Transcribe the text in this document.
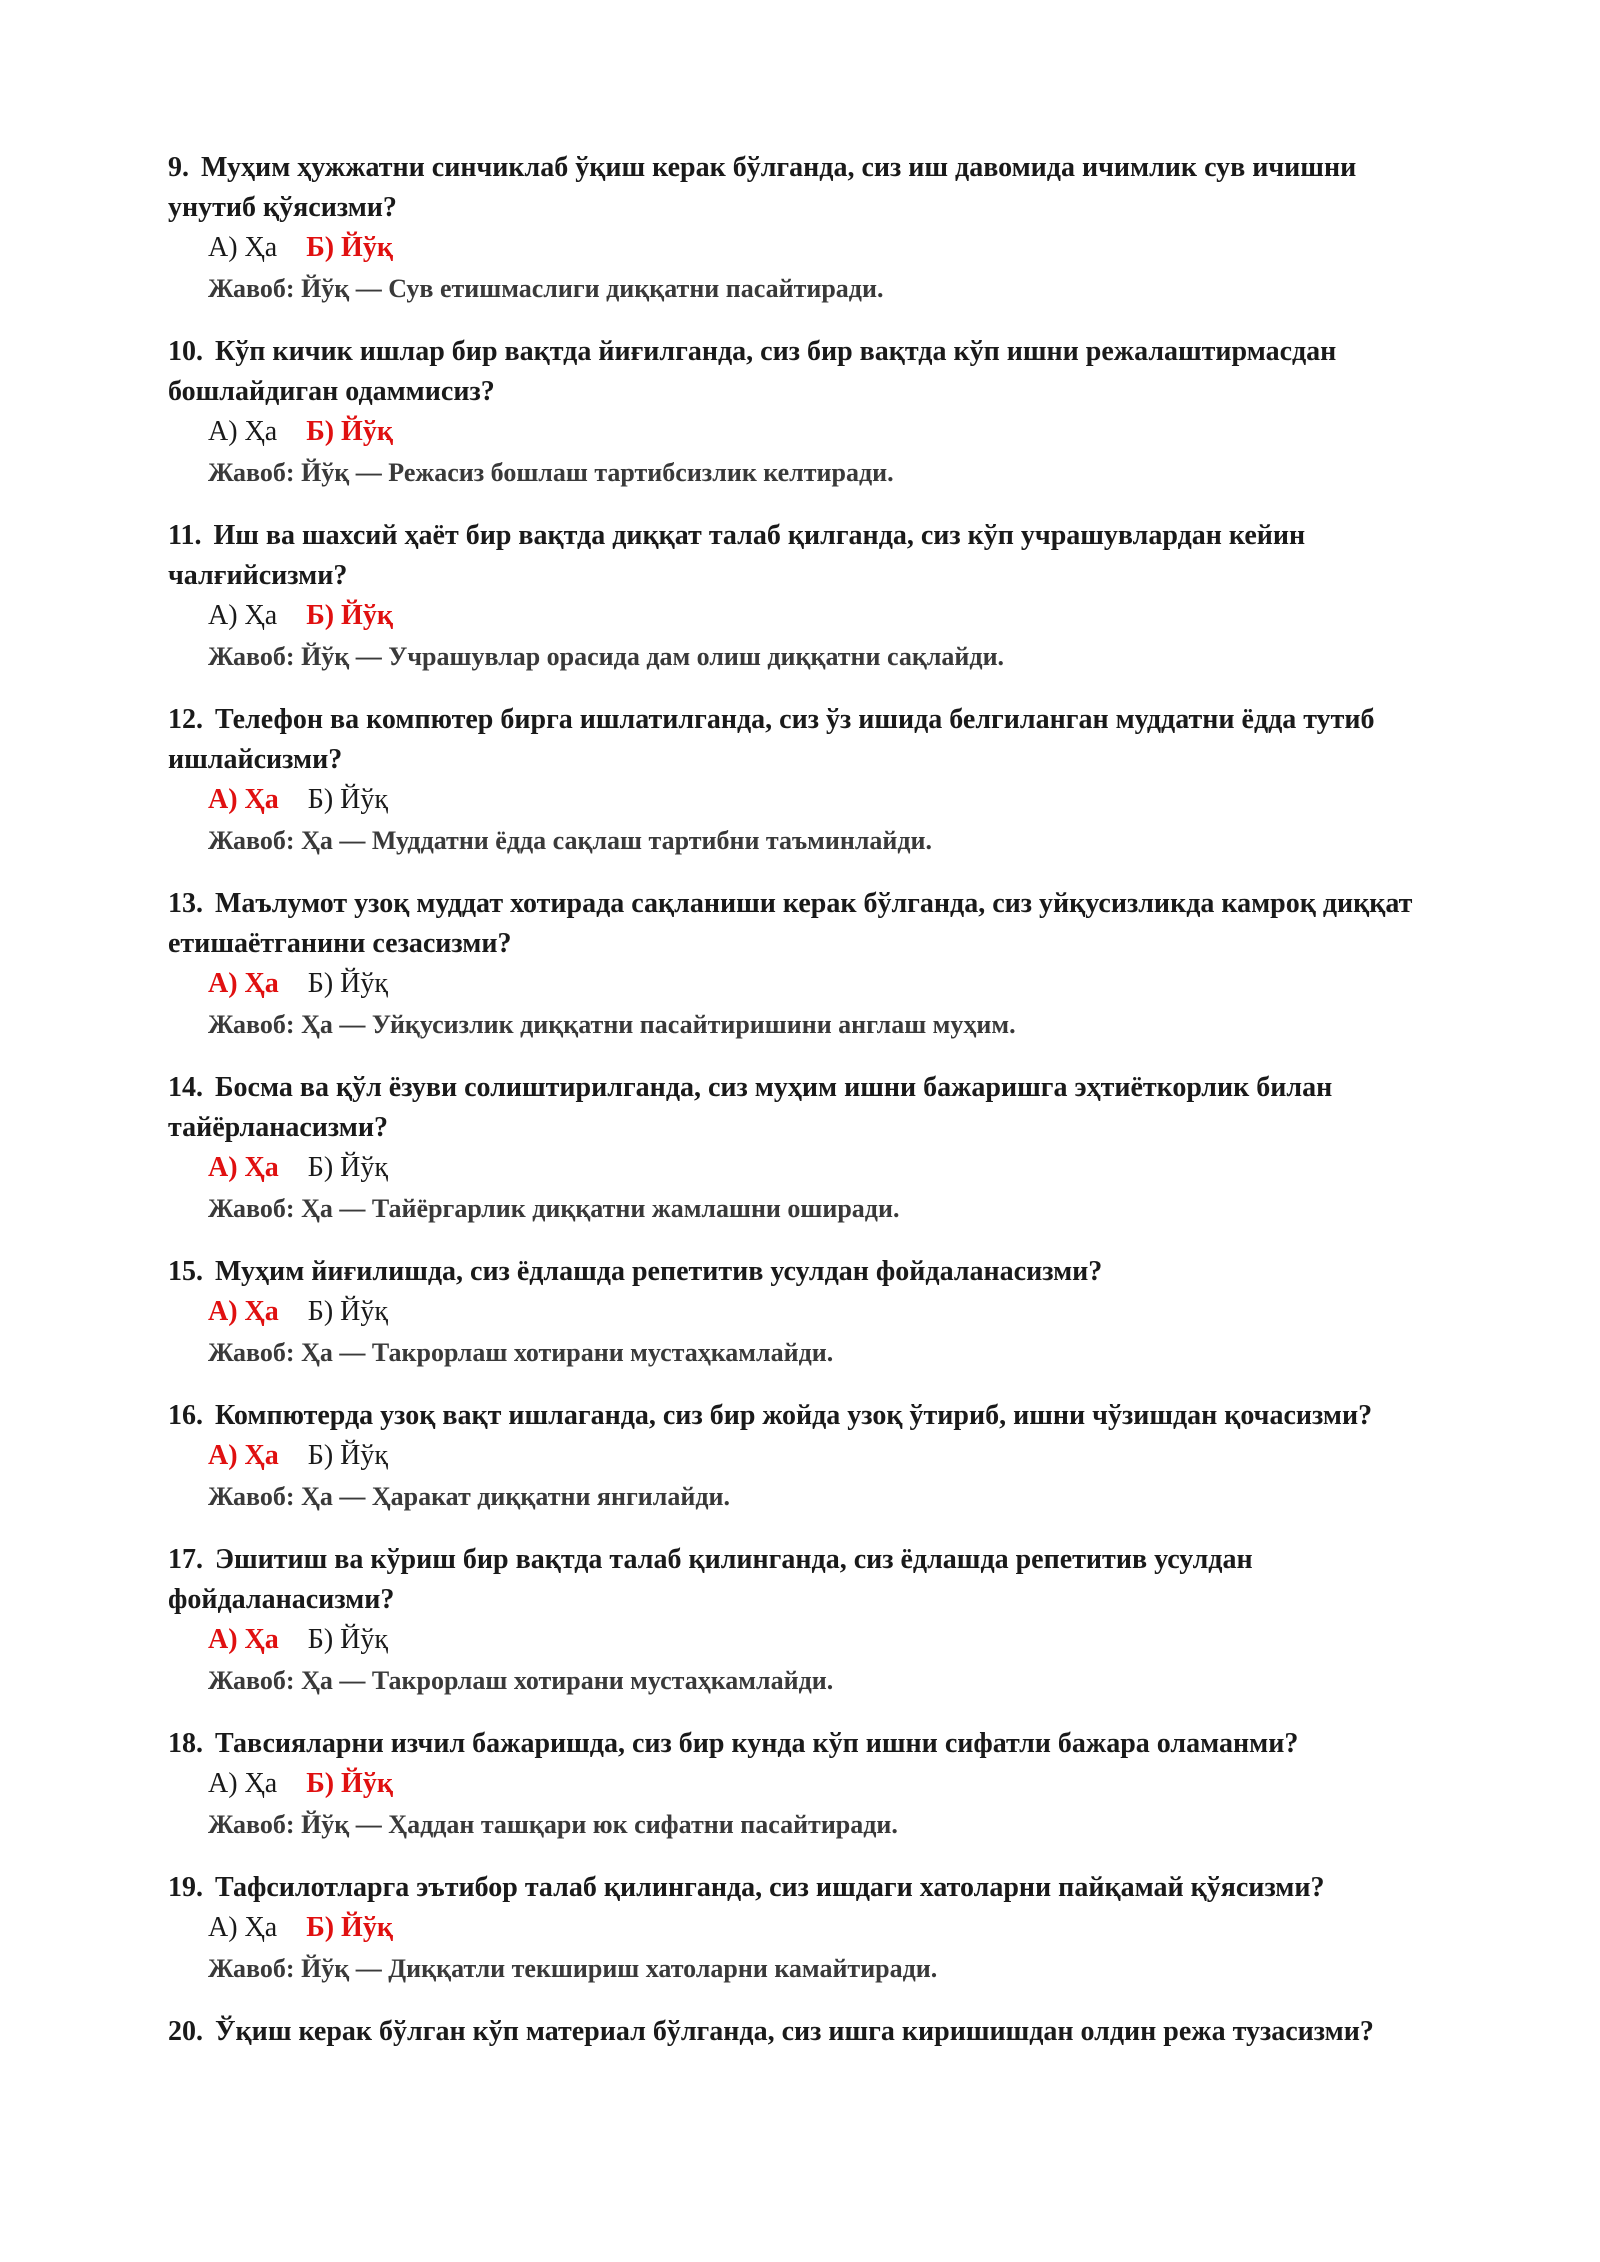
9. Муҳим ҳужжатни синчиклаб ўқиш керак бўлганда, сиз иш давомида ичимлик сув ичишни унутиб қўясизми?

А) Ҳа Б) Йўқ

Жавоб: Йўқ — Сув етишмаслиги диққатни пасайтиради.

10. Кўп кичик ишлар бир вақтда йиғилганда, сиз бир вақтда кўп ишни режалаштирмасдан бошлайдиган одаммисиз?

А) Ҳа Б) Йўқ

Жавоб: Йўқ — Режасиз бошлаш тартибсизлик келтиради.

11. Иш ва шахсий ҳаёт бир вақтда диққат талаб қилганда, сиз кўп учрашувлардан кейин чалғийсизми?

А) Ҳа Б) Йўқ

Жавоб: Йўқ — Учрашувлар орасида дам олиш диққатни сақлайди.

12. Телефон ва компютер бирга ишлатилганда, сиз ўз ишида белгиланган муддатни ёдда тутиб ишлайсизми?

А) Ҳа Б) Йўқ

Жавоб: Ҳа — Муддатни ёдда сақлаш тартибни таъминлайди.

13. Маълумот узоқ муддат хотирада сақланиши керак бўлганда, сиз уйқусизликда камроқ диққат етишаётганини сезасизми?

А) Ҳа Б) Йўқ

Жавоб: Ҳа — Уйқусизлик диққатни пасайтиришини англаш муҳим.

14. Босма ва қўл ёзуви солиштирилганда, сиз муҳим ишни бажаришга эҳтиёткорлик билан тайёрланасизми?

А) Ҳа Б) Йўқ

Жавоб: Ҳа — Тайёргарлик диққатни жамлашни оширади.

15. Муҳим йиғилишда, сиз ёдлашда репетитив усулдан фойдаланасизми?

А) Ҳа Б) Йўқ

Жавоб: Ҳа — Такрорлаш хотирани мустаҳкамлайди.

16. Компютерда узоқ вақт ишлаганда, сиз бир жойда узоқ ўтириб, ишни чўзишдан қочасизми?

А) Ҳа Б) Йўқ

Жавоб: Ҳа — Ҳаракат диққатни янгилайди.

17. Эшитиш ва кўриш бир вақтда талаб қилинганда, сиз ёдлашда репетитив усулдан фойдаланасизми?

А) Ҳа Б) Йўқ

Жавоб: Ҳа — Такрорлаш хотирани мустаҳкамлайди.

18. Тавсияларни изчил бажаришда, сиз бир кунда кўп ишни сифатли бажара оламанми?

А) Ҳа Б) Йўқ

Жавоб: Йўқ — Ҳаддан ташқари юк сифатни пасайтиради.

19. Тафсилотларга эътибор талаб қилинганда, сиз ишдаги хатоларни пайқамай қўясизми?

А) Ҳа Б) Йўқ

Жавоб: Йўқ — Диққатли текшириш хатоларни камайтиради.

20. Ўқиш керак бўлган кўп материал бўлганда, сиз ишга киришишдан олдин режа тузасизми?
